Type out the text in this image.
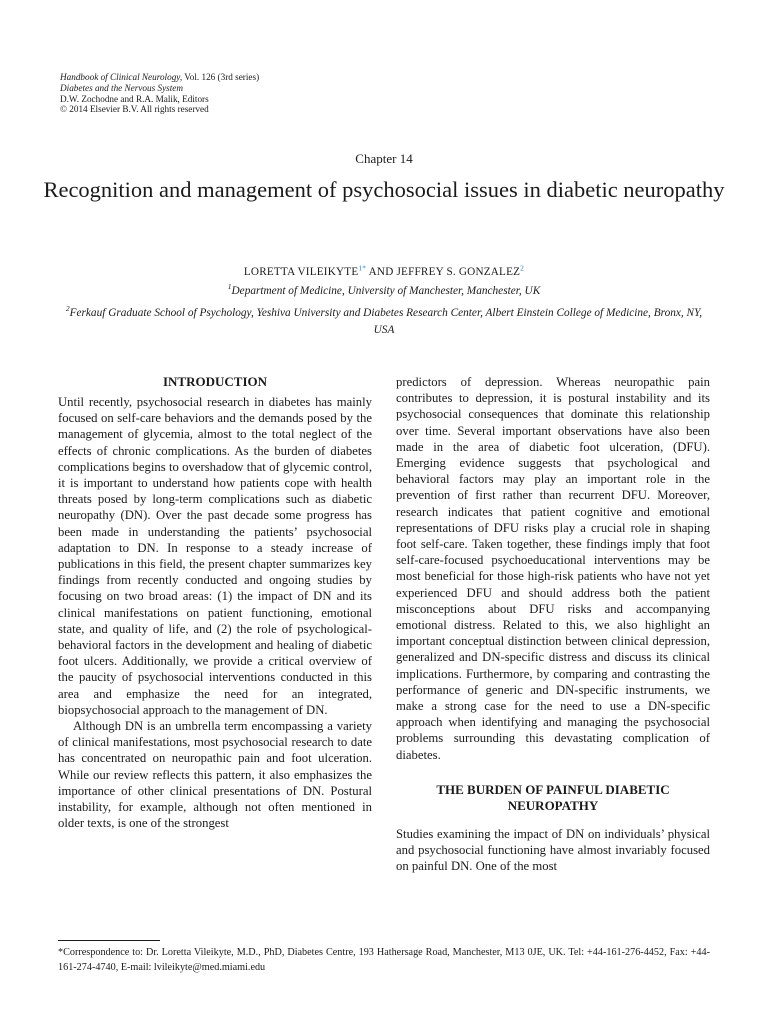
Handbook of Clinical Neurology, Vol. 126 (3rd series)
Diabetes and the Nervous System
D.W. Zochodne and R.A. Malik, Editors
© 2014 Elsevier B.V. All rights reserved
Chapter 14
Recognition and management of psychosocial issues in diabetic neuropathy
LORETTA $VILEIKYTE^{1*}$ AND JEFFREY S. GONZALEZ$^2$
$^1$Department of Medicine, University of Manchester, Manchester, UK
$^2$Ferkauf Graduate School of Psychology, Yeshiva University and Diabetes Research Center, Albert Einstein College of Medicine, Bronx, NY, USA
INTRODUCTION

Until recently, psychosocial research in diabetes has mainly focused on self-care behaviors and the demands posed by the management of glycemia, almost to the total neglect of the effects of chronic complications. As the burden of diabetes complications begins to overshadow that of glycemic control, it is important to understand how patients cope with health threats posed by long-term complications such as diabetic neuropathy (DN). Over the past decade some progress has been made in understanding the patients’ psychosocial adaptation to DN. In response to a steady increase of publications in this field, the present chapter summarizes key findings from recently conducted and ongoing studies by focusing on two broad areas: (1) the impact of DN and its clinical manifestations on patient functioning, emotional state, and quality of life, and (2) the role of psychological-behavioral factors in the development and healing of diabetic foot ulcers. Additionally, we provide a critical overview of the paucity of psychosocial interventions conducted in this area and emphasize the need for an integrated, biopsychosocial approach to the management of DN.

Although DN is an umbrella term encompassing a variety of clinical manifestations, most psychosocial research to date has concentrated on neuropathic pain and foot ulceration. While our review reflects this pattern, it also emphasizes the importance of other clinical presentations of DN. Postural instability, for example, although not often mentioned in older texts, is one of the strongest

predictors of depression. Whereas neuropathic pain contributes to depression, it is postural instability and its psychosocial consequences that dominate this relationship over time. Several important observations have also been made in the area of diabetic foot ulceration, (DFU). Emerging evidence suggests that psychological and behavioral factors may play an important role in the prevention of first rather than recurrent DFU. Moreover, research indicates that patient cognitive and emotional representations of DFU risks play a crucial role in shaping foot self-care. Taken together, these findings imply that foot self-care-focused psychoeducational interventions may be most beneficial for those high-risk patients who have not yet experienced DFU and should address both the patient misconceptions about DFU risks and accompanying emotional distress. Related to this, we also highlight an important conceptual distinction between clinical depression, generalized and DN-specific distress and discuss its clinical implications. Furthermore, by comparing and contrasting the performance of generic and DN-specific instruments, we make a strong case for the need to use a DN-specific approach when identifying and managing the psychosocial problems surrounding this devastating complication of diabetes.

THE BURDEN OF PAINFUL DIABETIC NEUROPATHY

Studies examining the impact of DN on individuals’ physical and psychosocial functioning have almost invariably focused on painful DN. One of the most

*Correspondence to: Dr. Loretta Vileikyte, M.D., PhD, Diabetes Centre, 193 Hathersage Road, Manchester, M13 0JE, UK. Tel: +44-161-276-4452, Fax: +44-161-274-4740, E-mail: lvileikyte@med.miami.edu
